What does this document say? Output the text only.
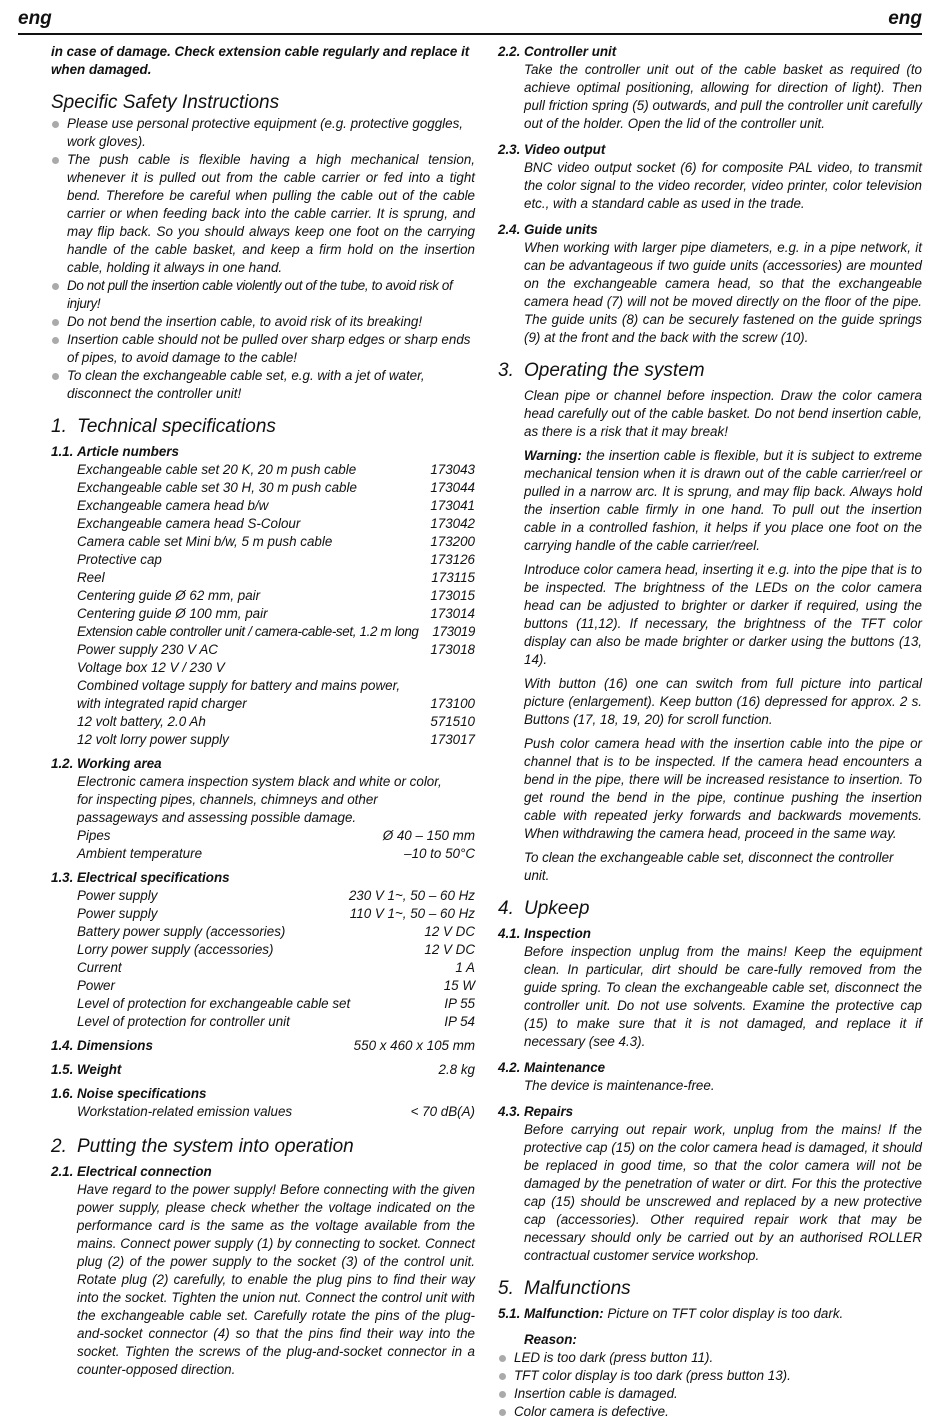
eng	eng

in case of damage. Check extension cable regularly and replace it when damaged.

Specific Safety Instructions
Please use personal protective equipment (e.g. protective goggles, work gloves).
The push cable is flexible having a high mechanical tension, whenever it is pulled out from the cable carrier or fed into a tight bend. Therefore be careful when pulling the cable out of the cable carrier or when feeding back into the cable carrier. It is sprung, and may flip back. So you should always keep one foot on the carrying handle of the cable basket, and keep a firm hold on the insertion cable, holding it always in one hand.
Do not pull the insertion cable violently out of the tube, to avoid risk of injury!
Do not bend the insertion cable, to avoid risk of its breaking!
Insertion cable should not be pulled over sharp edges or sharp ends of pipes, to avoid damage to the cable!
To clean the exchangeable cable set, e.g. with a jet of water, disconnect the controller unit!
1. Technical specifications
1.1. Article numbers
Exchangeable cable set 20 K, 20 m push cable	173043
Exchangeable cable set 30 H, 30 m push cable	173044
Exchangeable camera head b/w	173041
Exchangeable camera head S-Colour	173042
Camera cable set Mini b/w, 5 m push cable	173200
Protective cap	173126
Reel	173115
Centering guide Ø 62 mm, pair	173015
Centering guide Ø 100 mm, pair	173014
Extension cable controller unit / camera-cable-set, 1.2 m long 173019
Power supply 230 V AC	173018
Voltage box 12 V / 230 V
Combined voltage supply for battery and mains power,
with integrated rapid charger	173100
12 volt battery, 2.0 Ah	571510
12 volt lorry power supply	173017
1.2. Working area

Electronic camera inspection system black and white or color, for inspecting pipes, channels, chimneys and other passageways and assessing possible damage.

Pipes	Ø 40 – 150 mm
Ambient temperature	–10 to 50°C
1.3. Electrical specifications
Power supply	230 V 1~, 50 – 60 Hz
Power supply	110 V 1~, 50 – 60 Hz
Battery power supply (accessories)	12 V DC
Lorry power supply (accessories)	12 V DC
Current	1 A
Power	15 W
Level of protection for exchangeable cable set	IP 55
Level of protection for controller unit	IP 54
1.4. Dimensions	550 x 460 x 105 mm
1.5. Weight	2.8 kg
1.6. Noise specifications
Workstation-related emission values	< 70 dB(A)
2. Putting the system into operation
2.1. Electrical connection

Have regard to the power supply! Before connecting with the given power supply, please check whether the voltage indicated on the performance card is the same as the voltage available from the mains. Connect power supply (1) by connecting to socket. Connect plug (2) of the power supply to the socket (3) of the control unit. Rotate plug (2) carefully, to enable the plug pins to find their way into the socket. Tighten the union nut. Connect the control unit with the exchangeable cable set. Carefully rotate the pins of the plug-and-socket connector (4) so that the pins find their way into the socket. Tighten the screws of the plug-and-socket connector in a counter-opposed direction.

2.2. Controller unit

Take the controller unit out of the cable basket as required (to achieve optimal positioning, allowing for direction of light). Then pull friction spring (5) outwards, and pull the controller unit carefully out of the holder. Open the lid of the controller unit.

2.3. Video output

BNC video output socket (6) for composite PAL video, to transmit the color signal to the video recorder, video printer, color television etc., with a standard cable as used in the trade.

2.4. Guide units

When working with larger pipe diameters, e.g. in a pipe network, it can be advantageous if two guide units (accessories) are mounted on the exchangeable camera head, so that the exchangeable camera head (7) will not be moved directly on the floor of the pipe. The guide units (8) can be securely fastened on the guide springs (9) at the front and the back with the screw (10).

3. Operating the system

Clean pipe or channel before inspection. Draw the color camera head carefully out of the cable basket. Do not bend insertion cable, as there is a risk that it may break!

Warning: the insertion cable is flexible, but it is subject to extreme mechanical tension when it is drawn out of the cable carrier/reel or pulled in a narrow arc. It is sprung, and may flip back. Always hold the insertion cable firmly in one hand. To pull out the insertion cable in a controlled fashion, it helps if you place one foot on the carrying handle of the cable carrier/reel.

Introduce color camera head, inserting it e.g. into the pipe that is to be inspected. The brightness of the LEDs on the color camera head can be adjusted to brighter or darker if required, using the buttons (11,12). If necessary, the brightness of the TFT color display can also be made brighter or darker using the buttons (13, 14).

With button (16) one can switch from full picture into partical picture (enlargement). Keep button (16) depressed for approx. 2 s. Buttons (17, 18, 19, 20) for scroll function.

Push color camera head with the insertion cable into the pipe or channel that is to be inspected. If the camera head encounters a bend in the pipe, there will be increased resistance to insertion. To get round the bend in the pipe, continue pushing the insertion cable with repeated jerky forwards and backwards movements. When withdrawing the camera head, proceed in the same way.

To clean the exchangeable cable set, disconnect the controller unit.

4. Upkeep
4.1. Inspection

Before inspection unplug from the mains! Keep the equipment clean. In particular, dirt should be care-fully removed from the guide spring. To clean the exchangeable cable set, disconnect the controller unit. Do not use solvents. Examine the protective cap (15) to make sure that it is not damaged, and replace it if necessary (see 4.3).

4.2. Maintenance

The device is maintenance-free.

4.3. Repairs

Before carrying out repair work, unplug from the mains! If the protective cap (15) on the color camera head is damaged, it should be replaced in good time, so that the color camera will not be damaged by the penetration of water or dirt. For this the protective cap (15) should be unscrewed and replaced by a new protective cap (accessories). Other required repair work that may be necessary should only be carried out by an authorised ROLLER contractual customer service workshop.

5. Malfunctions
5.1. Malfunction: Picture on TFT color display is too dark.
Reason:
LED is too dark (press button 11).
TFT color display is too dark (press button 13).
Insertion cable is damaged.
Color camera is defective.
